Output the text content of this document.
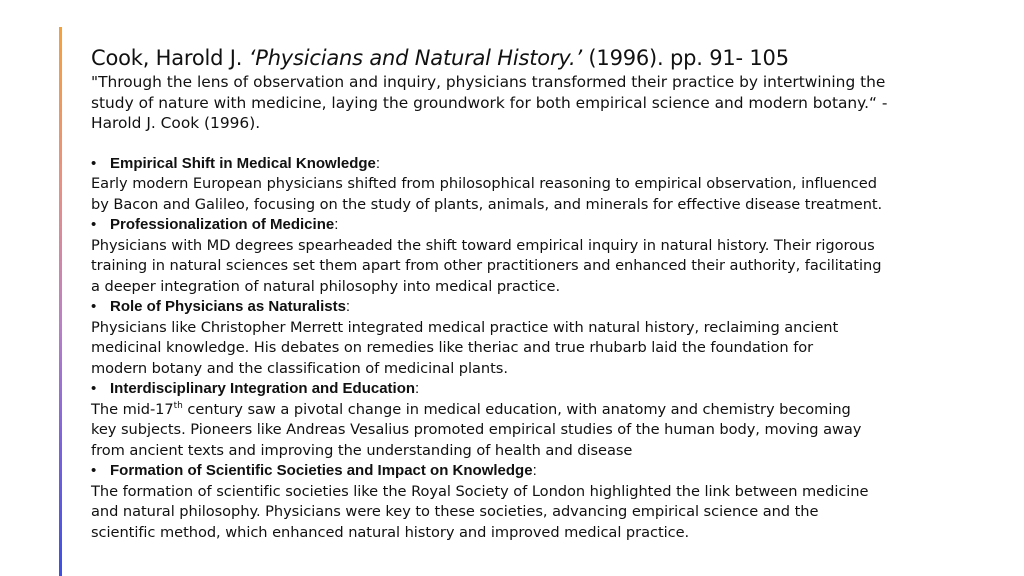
Cook, Harold J. ‘Physicians and Natural History.’ (1996). pp. 91- 105

"Through the lens of observation and inquiry, physicians transformed their practice by intertwining the study of nature with medicine, laying the groundwork for both empirical science and modern botany.“ - Harold J. Cook (1996).

• Empirical Shift in Medical Knowledge:

Early modern European physicians shifted from philosophical reasoning to empirical observation, influenced

by Bacon and Galileo, focusing on the study of plants, animals, and minerals for effective disease treatment.

• Professionalization of Medicine:

Physicians with MD degrees spearheaded the shift toward empirical inquiry in natural history. Their rigorous

training in natural sciences set them apart from other practitioners and enhanced their authority, facilitating

a deeper integration of natural philosophy into medical practice.

• Role of Physicians as Naturalists:

Physicians like Christopher Merrett integrated medical practice with natural history, reclaiming ancient

medicinal knowledge. His debates on remedies like theriac and true rhubarb laid the foundation for

modern botany and the classification of medicinal plants.

• Interdisciplinary Integration and Education:

The mid-17th century saw a pivotal change in medical education, with anatomy and chemistry becoming

key subjects. Pioneers like Andreas Vesalius promoted empirical studies of the human body, moving away

from ancient texts and improving the understanding of health and disease

• Formation of Scientific Societies and Impact on Knowledge:

The formation of scientific societies like the Royal Society of London highlighted the link between medicine

and natural philosophy. Physicians were key to these societies, advancing empirical science and the

scientific method, which enhanced natural history and improved medical practice.
